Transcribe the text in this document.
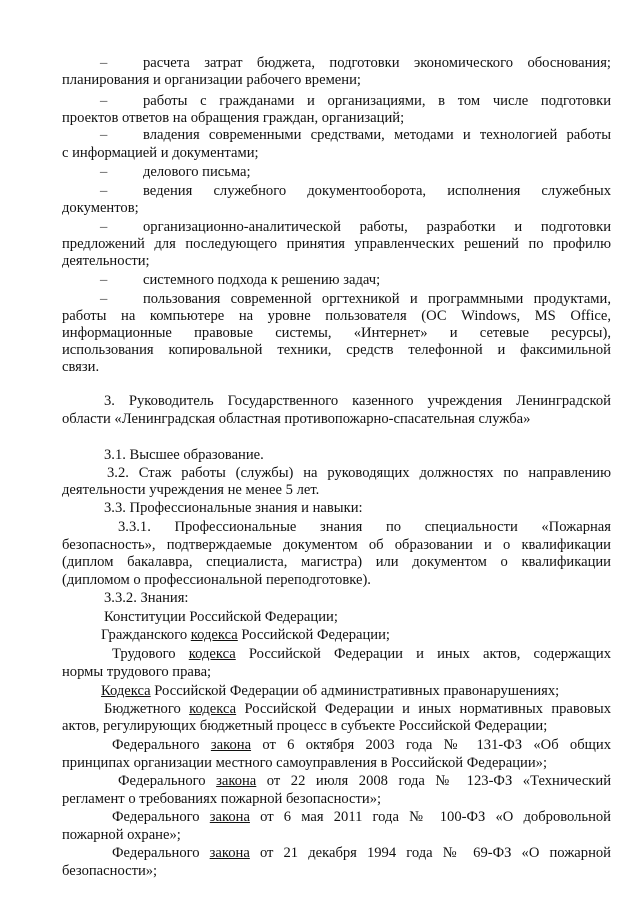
– расчета затрат бюджета, подготовки экономического обоснования;
планирования и организации рабочего времени;
– работы с гражданами и организациями, в том числе подготовки
проектов ответов на обращения граждан, организаций;
– владения современными средствами, методами и технологией работы
с информацией и документами;
– делового письма;
– ведения служебного документооборота, исполнения служебных
документов;
– организационно-аналитической работы, разработки и подготовки
предложений для последующего принятия управленческих решений по профилю
деятельности;
– системного подхода к решению задач;
– пользования современной оргтехникой и программными продуктами,
работы на компьютере на уровне пользователя (ОС Windows, MS Office,
информационные правовые системы, «Интернет» и сетевые ресурсы),
использования копировальной техники, средств телефонной и факсимильной
связи.
3. Руководитель Государственного казенного учреждения Ленинградской
области «Ленинградская областная противопожарно-спасательная служба»
3.1. Высшее образование.
3.2. Стаж работы (службы) на руководящих должностях по направлению
деятельности учреждения не менее 5 лет.
3.3. Профессиональные знания и навыки:
3.3.1. Профессиональные знания по специальности «Пожарная
безопасность», подтверждаемые документом об образовании и о квалификации
(диплом бакалавра, специалиста, магистра) или документом о квалификации
(дипломом о профессиональной переподготовке).
3.3.2. Знания:
Конституции Российской Федерации;
Гражданского кодекса Российской Федерации;
Трудового кодекса Российской Федерации и иных актов, содержащих
нормы трудового права;
Кодекса Российской Федерации об административных правонарушениях;
Бюджетного кодекса Российской Федерации и иных нормативных правовых
актов, регулирующих бюджетный процесс в субъекте Российской Федерации;
Федерального закона от 6 октября 2003 года № 131-ФЗ «Об общих
принципах организации местного самоуправления в Российской Федерации»;
Федерального закона от 22 июля 2008 года № 123-ФЗ «Технический
регламент о требованиях пожарной безопасности»;
Федерального закона от 6 мая 2011 года № 100-ФЗ «О добровольной
пожарной охране»;
Федерального закона от 21 декабря 1994 года № 69-ФЗ «О пожарной
безопасности»;
